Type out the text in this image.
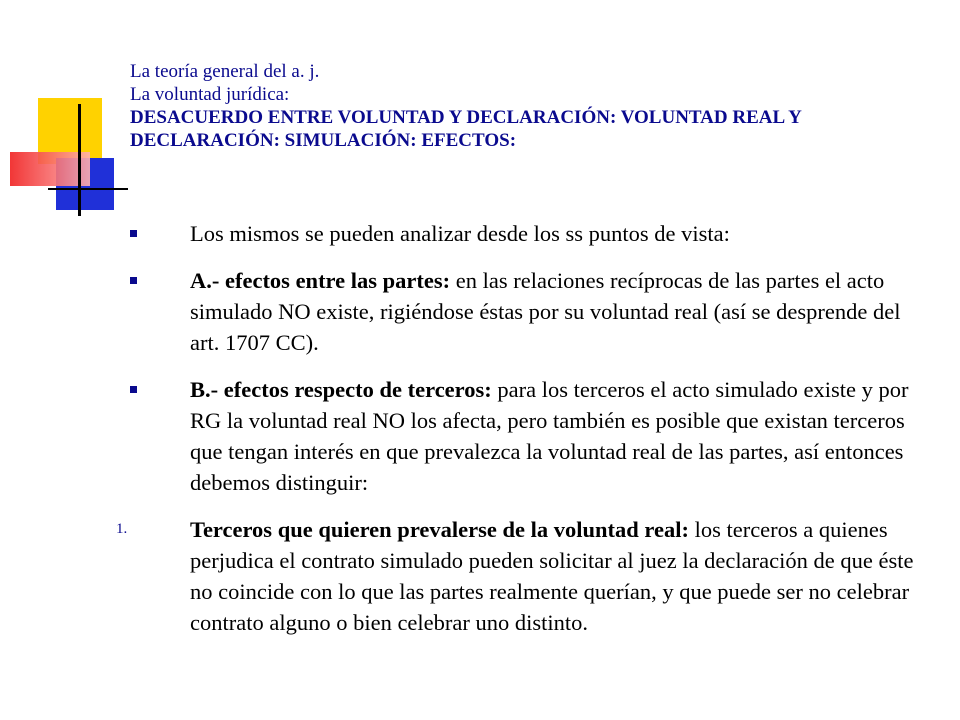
La teoría general del a. j.
La voluntad jurídica:
DESACUERDO ENTRE VOLUNTAD Y DECLARACIÓN: VOLUNTAD REAL Y DECLARACIÓN: SIMULACIÓN: EFECTOS:
Los mismos se pueden analizar desde los ss puntos de vista:
A.- efectos entre las partes: en las relaciones recíprocas de las partes el acto simulado NO existe, rigiéndose éstas por su voluntad real (así se desprende del art. 1707 CC).
B.- efectos respecto de terceros: para los terceros el acto simulado existe y por RG la voluntad real NO los afecta, pero también es posible que existan terceros que tengan interés en que prevalezca la voluntad real de las partes, así entonces debemos distinguir:
1.	Terceros que quieren prevalerse de la voluntad real: los terceros a quienes perjudica el contrato simulado pueden solicitar al juez la declaración de que éste no coincide con lo que las partes realmente querían, y que puede ser no celebrar contrato alguno o bien celebrar uno distinto.
